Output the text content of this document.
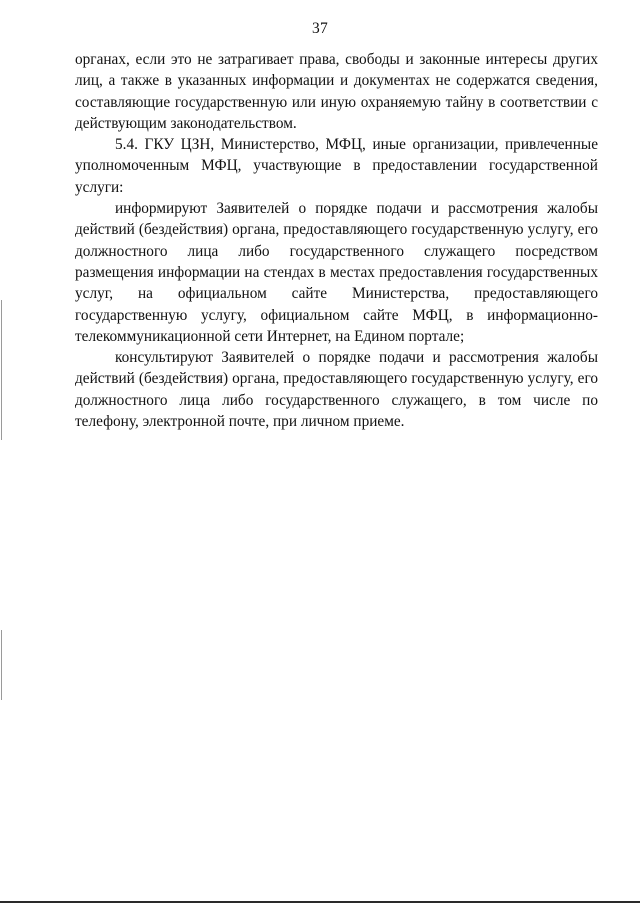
37

органах, если это не затрагивает права, свободы и законные интересы других лиц, а также в указанных информации и документах не содержатся сведения, составляющие государственную или иную охраняемую тайну в соответствии с действующим законодательством.

5.4. ГКУ ЦЗН, Министерство, МФЦ, иные организации, привлеченные уполномоченным МФЦ, участвующие в предоставлении государственной услуги:

информируют Заявителей о порядке подачи и рассмотрения жалобы действий (бездействия) органа, предоставляющего государственную услугу, его должностного лица либо государственного служащего посредством размещения информации на стендах в местах предоставления государственных услуг, на официальном сайте Министерства, предоставляющего государственную услугу, официальном сайте МФЦ, в информационно-телекоммуникационной сети Интернет, на Едином портале;

консультируют Заявителей о порядке подачи и рассмотрения жалобы действий (бездействия) органа, предоставляющего государственную услугу, его должностного лица либо государственного служащего, в том числе по телефону, электронной почте, при личном приеме.
